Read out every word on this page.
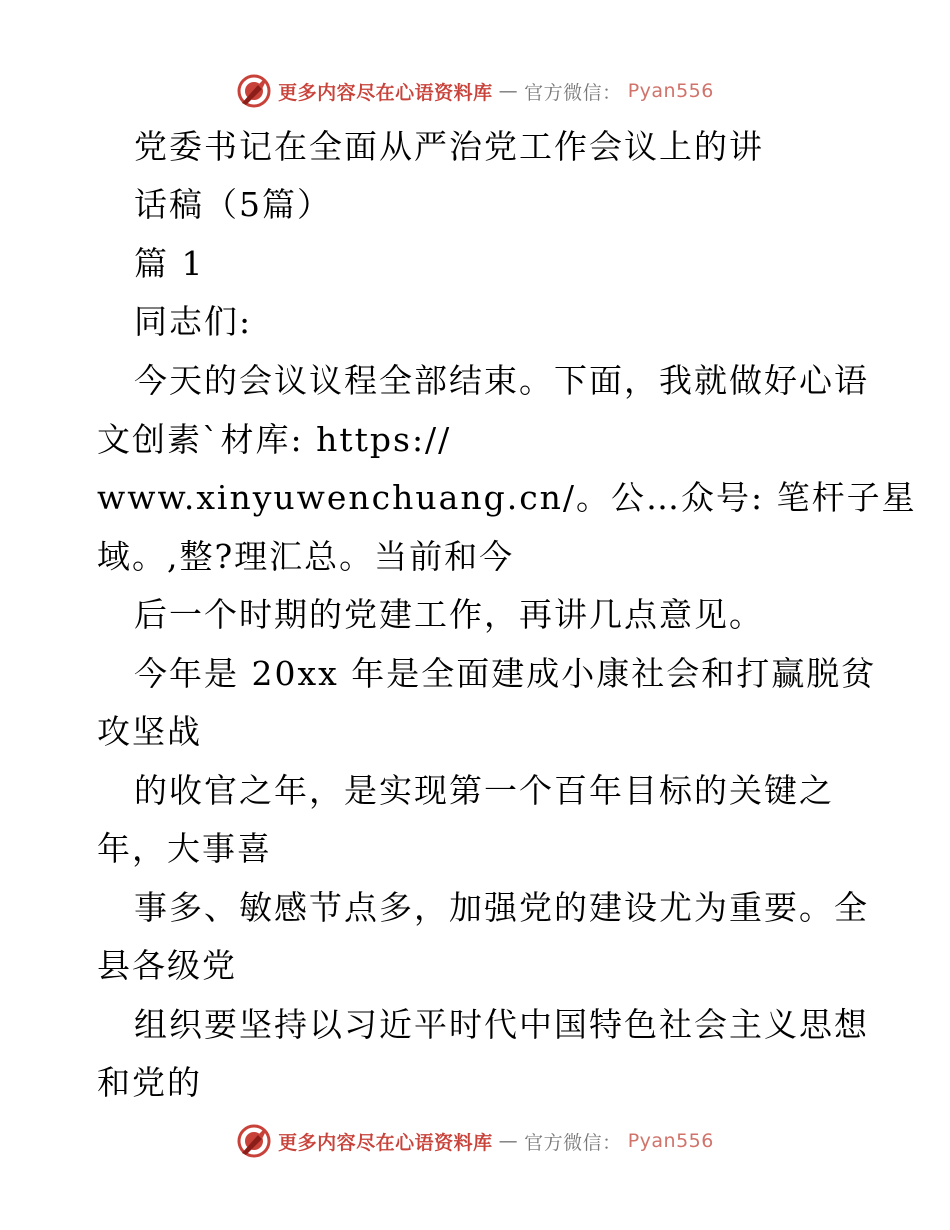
更多内容尽在心语资料库 — 官方微信： Pyan556
党委书记在全面从严治党工作会议上的讲
话稿（5篇）
篇 1
同志们:
今天的会议议程全部结束。下面，我就做好心语
文创素`材库: https://
www.xinyuwenchuang.cn/。公…众号: 笔杆子星
域。,整?理汇总。当前和今
后一个时期的党建工作，再讲几点意见。
今年是 20xx 年是全面建成小康社会和打赢脱贫
攻坚战
的收官之年，是实现第一个百年目标的关键之
年，大事喜
事多、敏感节点多，加强党的建设尤为重要。全
县各级党
组织要坚持以习近平时代中国特色社会主义思想
和党的
更多内容尽在心语资料库 — 官方微信： Pyan556
